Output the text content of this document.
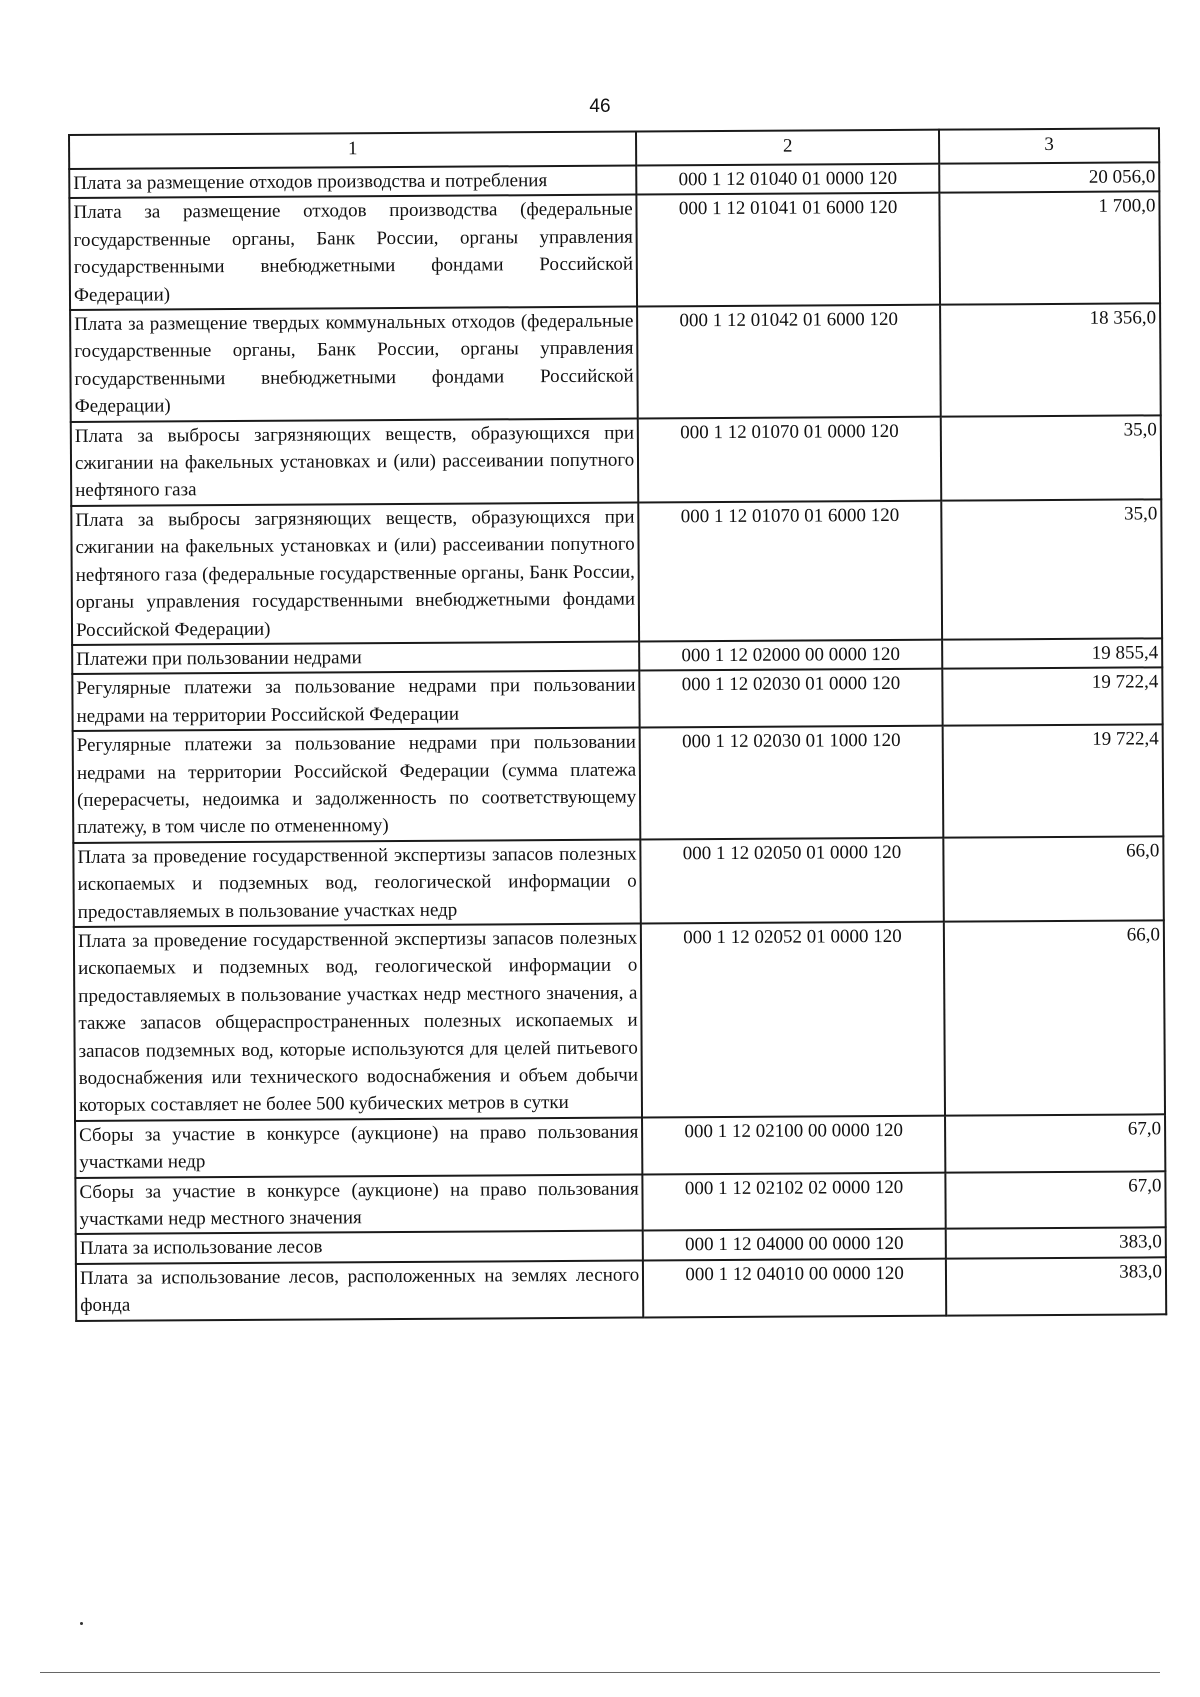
46
1	2	3
Плата за размещение отходов производства и потребления	000 1 12 01040 01 0000 120	20 056,0
Плата за размещение отходов производства (федеральные государственные органы, Банк России, органы управления государственными внебюджетными фондами Российской Федерации)	000 1 12 01041 01 6000 120	1 700,0
Плата за размещение твердых коммунальных отходов (федеральные государственные органы, Банк России, органы управления государственными внебюджетными фондами Российской Федерации)	000 1 12 01042 01 6000 120	18 356,0
Плата за выбросы загрязняющих веществ, образующихся при сжигании на факельных установках и (или) рассеивании попутного нефтяного газа	000 1 12 01070 01 0000 120	35,0
Плата за выбросы загрязняющих веществ, образующихся при сжигании на факельных установках и (или) рассеивании попутного нефтяного газа (федеральные государственные органы, Банк России, органы управления государственными внебюджетными фондами Российской Федерации)	000 1 12 01070 01 6000 120	35,0
Платежи при пользовании недрами	000 1 12 02000 00 0000 120	19 855,4
Регулярные платежи за пользование недрами при пользовании недрами на территории Российской Федерации	000 1 12 02030 01 0000 120	19 722,4
Регулярные платежи за пользование недрами при пользовании недрами на территории Российской Федерации (сумма платежа (перерасчеты, недоимка и задолженность по соответствующему платежу, в том числе по отмененному)	000 1 12 02030 01 1000 120	19 722,4
Плата за проведение государственной экспертизы запасов полезных ископаемых и подземных вод, геологической информации о предоставляемых в пользование участках недр	000 1 12 02050 01 0000 120	66,0
Плата за проведение государственной экспертизы запасов полезных ископаемых и подземных вод, геологической информации о предоставляемых в пользование участках недр местного значения, а также запасов общераспространенных полезных ископаемых и запасов подземных вод, которые используются для целей питьевого водоснабжения или технического водоснабжения и объем добычи которых составляет не более 500 кубических метров в сутки	000 1 12 02052 01 0000 120	66,0
Сборы за участие в конкурсе (аукционе) на право пользования участками недр	000 1 12 02100 00 0000 120	67,0
Сборы за участие в конкурсе (аукционе) на право пользования участками недр местного значения	000 1 12 02102 02 0000 120	67,0
Плата за использование лесов	000 1 12 04000 00 0000 120	383,0
Плата за использование лесов, расположенных на землях лесного фонда	000 1 12 04010 00 0000 120	383,0
